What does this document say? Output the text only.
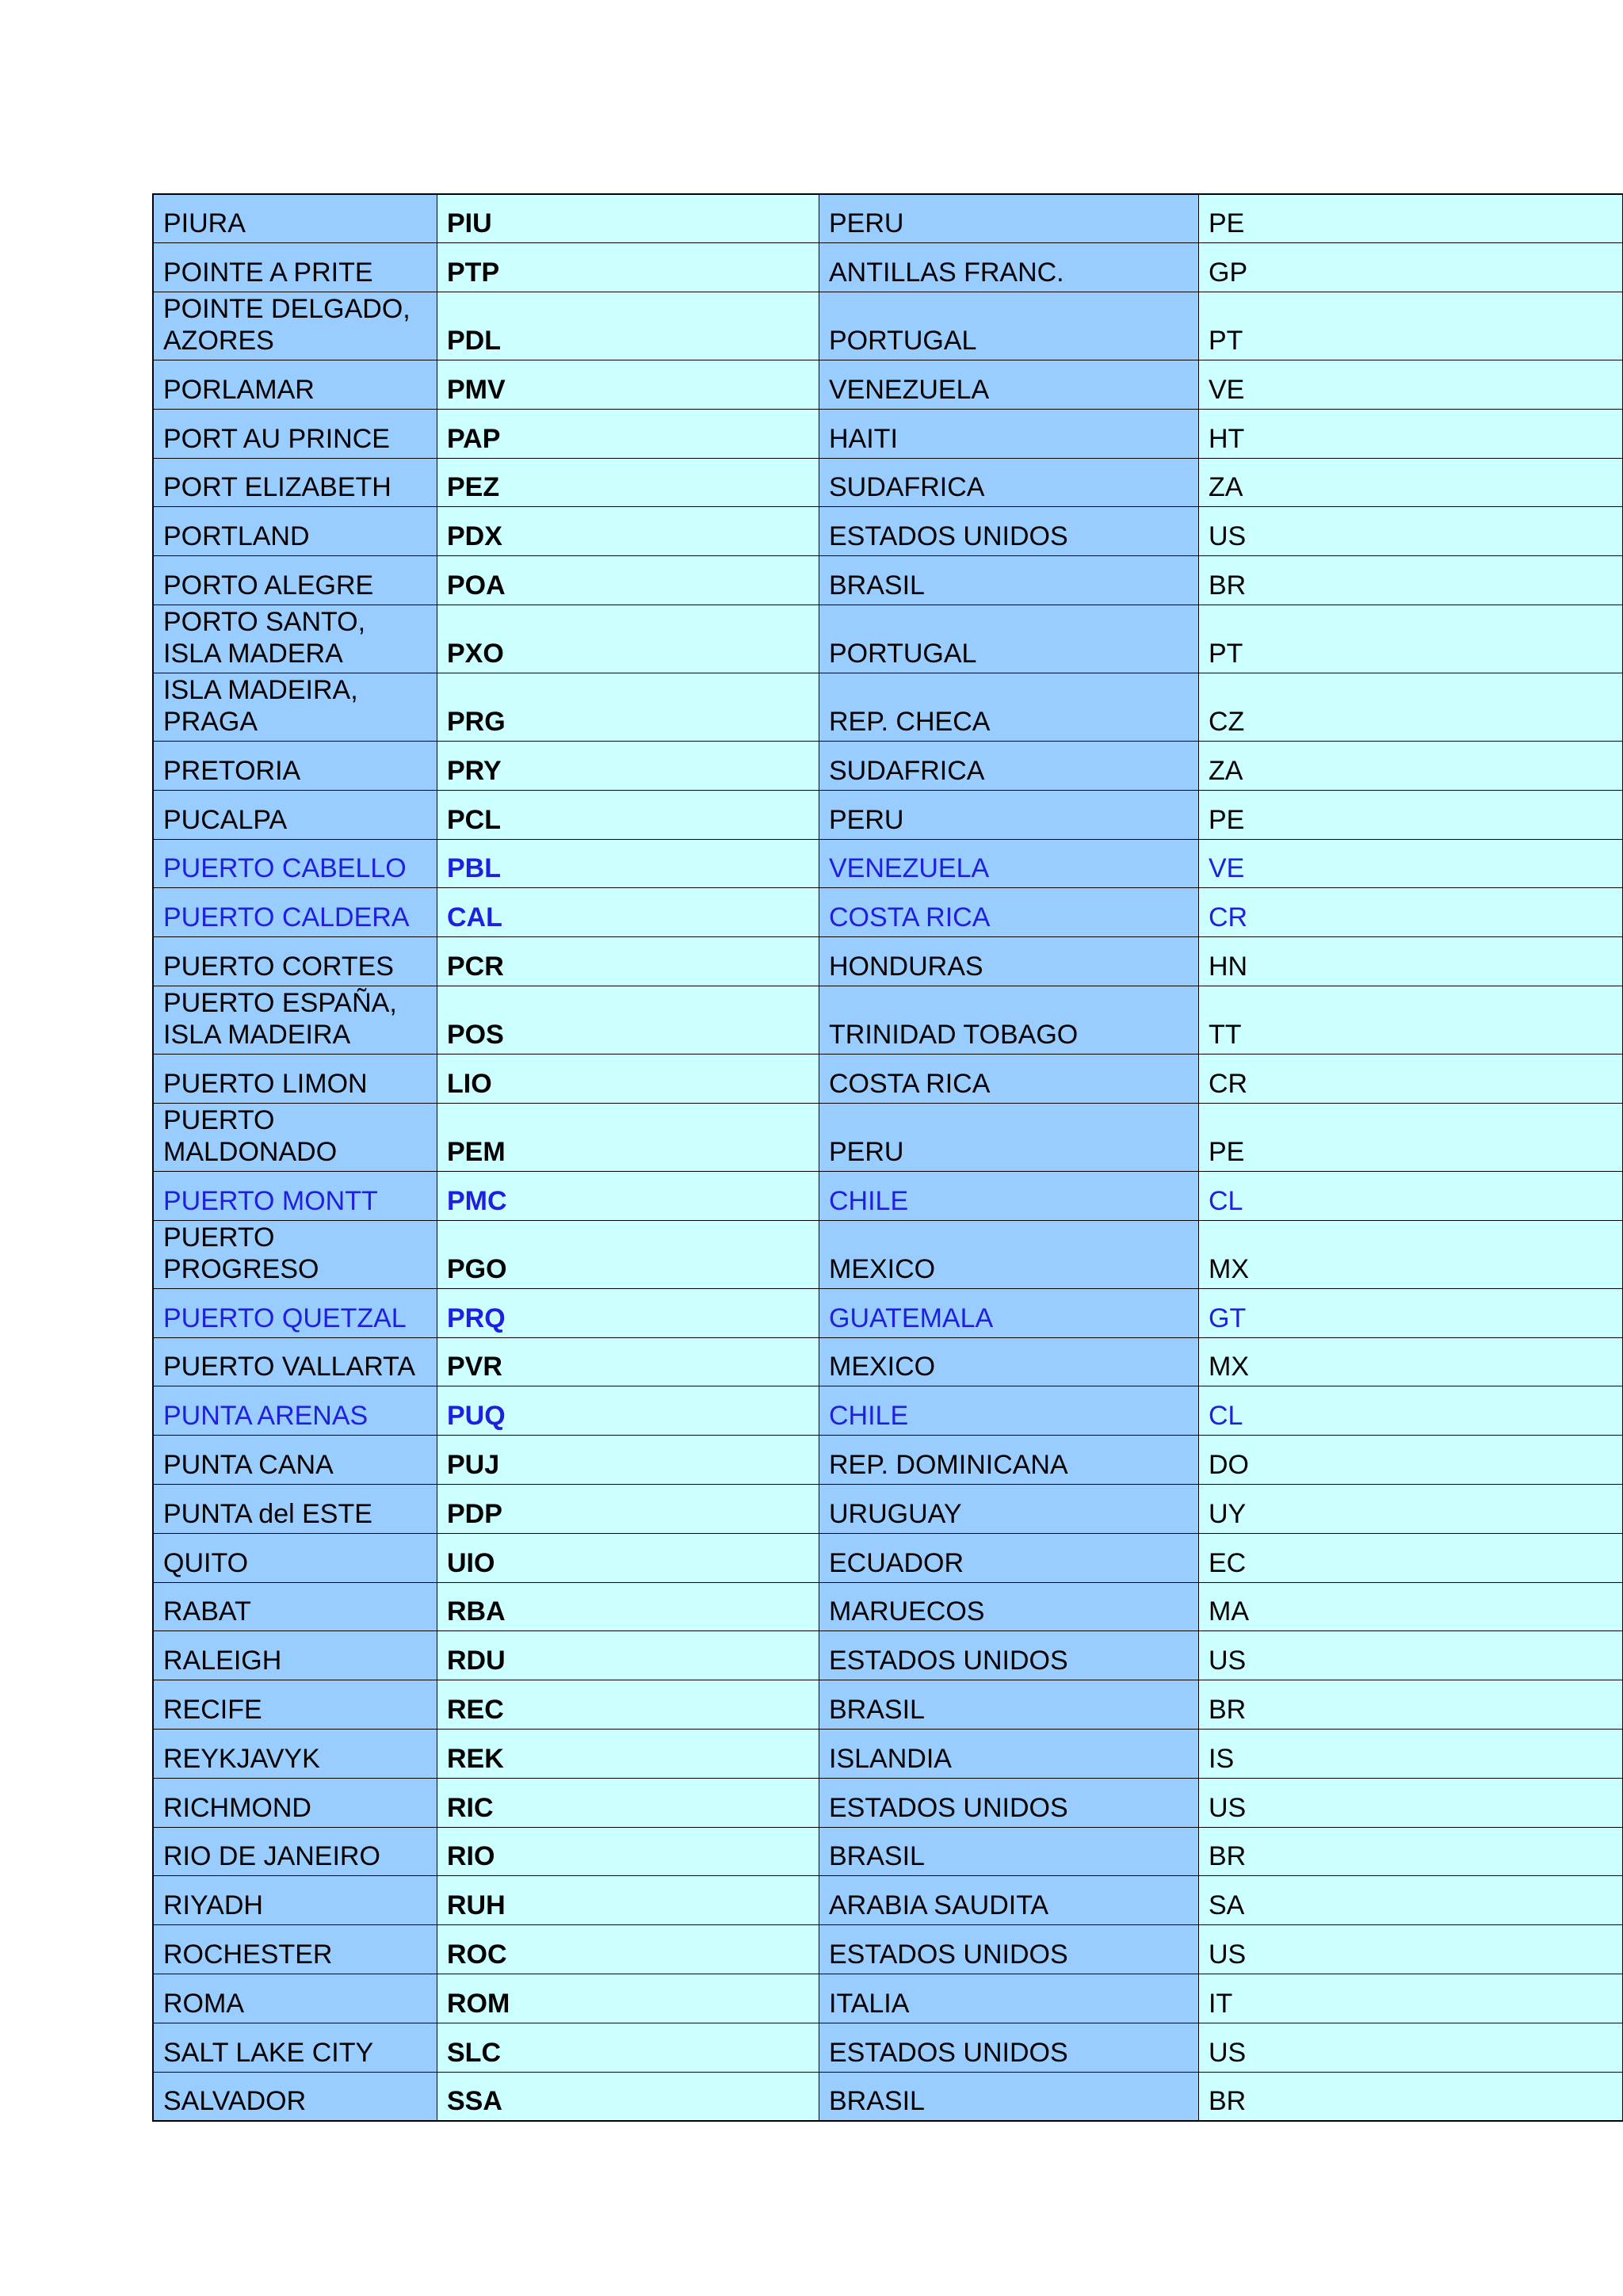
PIURA	PIU	PERU	PE
POINTE A PRITE	PTP	ANTILLAS FRANC.	GP
POINTE DELGADO, AZORES	PDL	PORTUGAL	PT
PORLAMAR	PMV	VENEZUELA	VE
PORT AU PRINCE	PAP	HAITI	HT
PORT ELIZABETH	PEZ	SUDAFRICA	ZA
PORTLAND	PDX	ESTADOS UNIDOS	US
PORTO ALEGRE	POA	BRASIL	BR
PORTO SANTO, ISLA MADERA	PXO	PORTUGAL	PT
ISLA MADEIRA, PRAGA	PRG	REP. CHECA	CZ
PRETORIA	PRY	SUDAFRICA	ZA
PUCALPA	PCL	PERU	PE
PUERTO CABELLO	PBL	VENEZUELA	VE
PUERTO CALDERA	CAL	COSTA RICA	CR
PUERTO CORTES	PCR	HONDURAS	HN
PUERTO ESPAÑA, ISLA MADEIRA	POS	TRINIDAD TOBAGO	TT
PUERTO LIMON	LIO	COSTA RICA	CR
PUERTO MALDONADO	PEM	PERU	PE
PUERTO MONTT	PMC	CHILE	CL
PUERTO PROGRESO	PGO	MEXICO	MX
PUERTO QUETZAL	PRQ	GUATEMALA	GT
PUERTO VALLARTA	PVR	MEXICO	MX
PUNTA ARENAS	PUQ	CHILE	CL
PUNTA CANA	PUJ	REP. DOMINICANA	DO
PUNTA del ESTE	PDP	URUGUAY	UY
QUITO	UIO	ECUADOR	EC
RABAT	RBA	MARUECOS	MA
RALEIGH	RDU	ESTADOS UNIDOS	US
RECIFE	REC	BRASIL	BR
REYKJAVYK	REK	ISLANDIA	IS
RICHMOND	RIC	ESTADOS UNIDOS	US
RIO DE JANEIRO	RIO	BRASIL	BR
RIYADH	RUH	ARABIA SAUDITA	SA
ROCHESTER	ROC	ESTADOS UNIDOS	US
ROMA	ROM	ITALIA	IT
SALT LAKE CITY	SLC	ESTADOS UNIDOS	US
SALVADOR	SSA	BRASIL	BR
